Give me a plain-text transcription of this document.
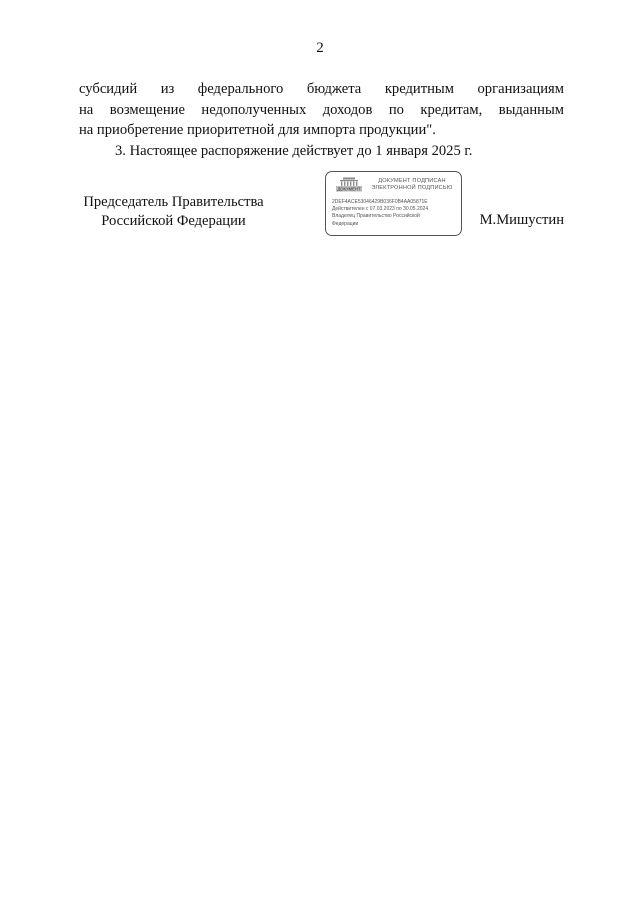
2
субсидий из федерального бюджета кредитным организациям
на возмещение недополученных доходов по кредитам, выданным
на приобретение приоритетной для импорта продукции".
3. Настоящее распоряжение действует до 1 января 2025 г.
Председатель Правительства
Российской Федерации
ДОКУМЕНТ
ДОКУМЕНТ ПОДПИСАН
ЭЛЕКТРОННОЙ ПОДПИСЬЮ
2DEF4ACE53046429B036F0B4AA05871E
Действителен с 07.03.2023 по 30.05.2024
Владелец Правительство Российской
Федерации	М.Мишустин
